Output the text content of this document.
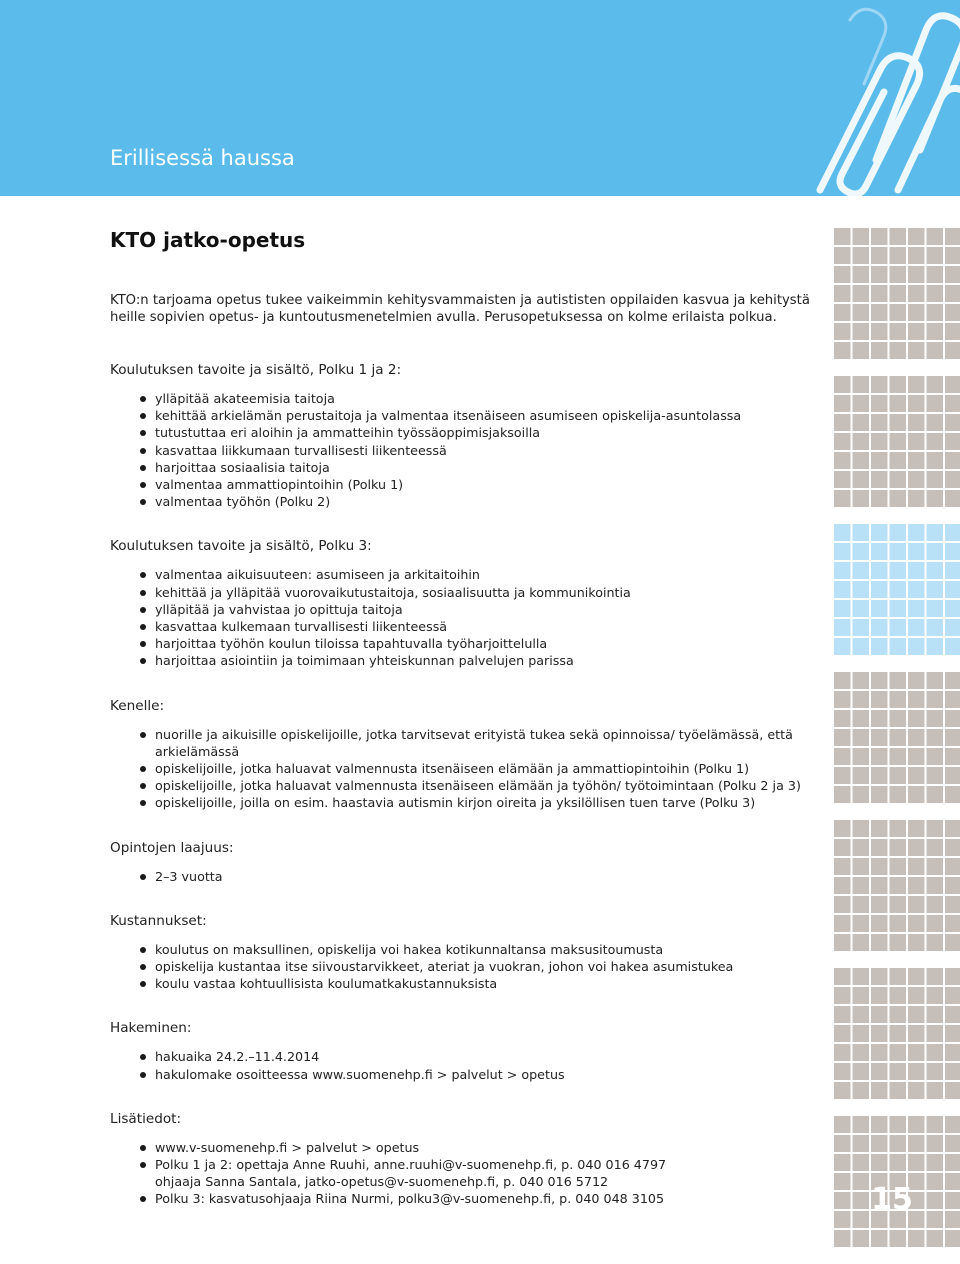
Erillisessä haussa
15
KTO jatko-opetus

KTO:n tarjoama opetus tukee vaikeimmin kehitysvammaisten ja autististen oppilaiden kasvua ja kehitystä
heille sopivien opetus- ja kuntoutusmenetelmien avulla. Perusopetuksessa on kolme erilaista polkua.

Koulutuksen tavoite ja sisältö, Polku 1 ja 2:
ylläpitää akateemisia taitoja
kehittää arkielämän perustaitoja ja valmentaa itsenäiseen asumiseen opiskelija-asuntolassa
tutustuttaa eri aloihin ja ammatteihin työssäoppimisjaksoilla
kasvattaa liikkumaan turvallisesti liikenteessä
harjoittaa sosiaalisia taitoja
valmentaa ammattiopintoihin (Polku 1)
valmentaa työhön (Polku 2)
Koulutuksen tavoite ja sisältö, Polku 3:
valmentaa aikuisuuteen: asumiseen ja arkitaitoihin
kehittää ja ylläpitää vuorovaikutustaitoja, sosiaalisuutta ja kommunikointia
ylläpitää ja vahvistaa jo opittuja taitoja
kasvattaa kulkemaan turvallisesti liikenteessä
harjoittaa työhön koulun tiloissa tapahtuvalla työharjoittelulla
harjoittaa asiointiin ja toimimaan yhteiskunnan palvelujen parissa
Kenelle:
nuorille ja aikuisille opiskelijoille, jotka tarvitsevat erityistä tukea sekä opinnoissa/ työelämässä, että
arkielämässä
opiskelijoille, jotka haluavat valmennusta itsenäiseen elämään ja ammattiopintoihin (Polku 1)
opiskelijoille, jotka haluavat valmennusta itsenäiseen elämään ja työhön/ työtoimintaan (Polku 2 ja 3)
opiskelijoille, joilla on esim. haastavia autismin kirjon oireita ja yksilöllisen tuen tarve (Polku 3)
Opintojen laajuus:
2–3 vuotta
Kustannukset:
koulutus on maksullinen, opiskelija voi hakea kotikunnaltansa maksusitoumusta
opiskelija kustantaa itse siivoustarvikkeet, ateriat ja vuokran, johon voi hakea asumistukea
koulu vastaa kohtuullisista koulumatkakustannuksista
Hakeminen:
hakuaika 24.2.–11.4.2014
hakulomake osoitteessa www.suomenehp.fi > palvelut > opetus
Lisätiedot:
www.v-suomenehp.fi > palvelut > opetus
Polku 1 ja 2: opettaja Anne Ruuhi, anne.ruuhi@v-suomenehp.fi, p. 040 016 4797
ohjaaja Sanna Santala, jatko-opetus@v-suomenehp.fi, p. 040 016 5712
Polku 3: kasvatusohjaaja Riina Nurmi, polku3@v-suomenehp.fi, p. 040 048 3105
